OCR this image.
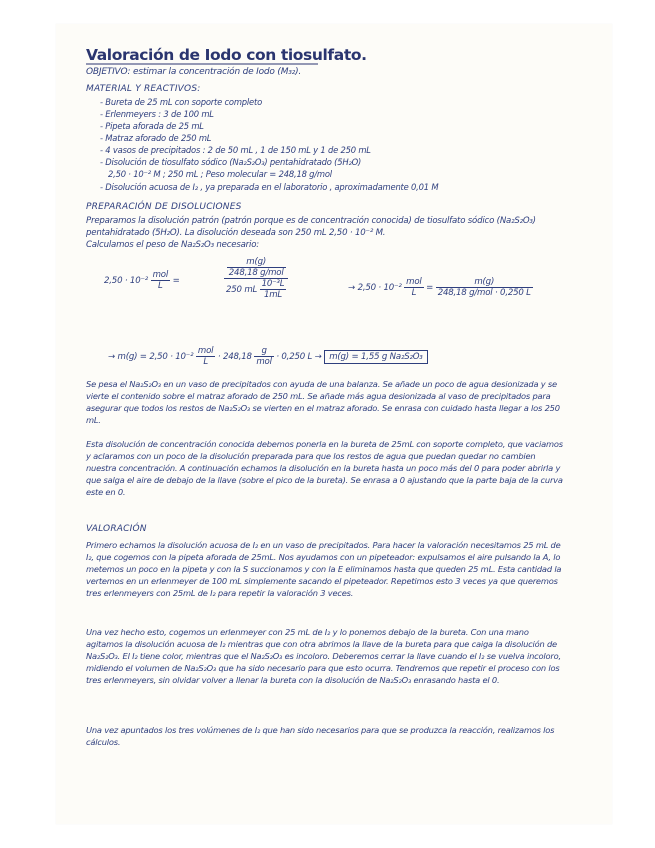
Valoración de Iodo con tiosulfato.
OBJETIVO: estimar la concentración de Iodo (M₃₂).
MATERIAL Y REACTIVOS:
- Bureta de 25 mL con soporte completo
- Erlenmeyers : 3 de 100 mL
- Pipeta aforada de 25 mL
- Matraz aforado de 250 mL
- 4 vasos de precipitados : 2 de 50 mL , 1 de 150 mL y 1 de 250 mL
- Disolución de tiosulfato sódico (Na₂S₂O₃) pentahidratado (5H₂O)
2,50 · 10⁻² M ; 250 mL ; Peso molecular = 248,18 g/mol
- Disolución acuosa de I₂ , ya preparada en el laboratorio , aproximadamente 0,01 M
PREPARACIÓN DE DISOLUCIONES
Preparamos la disolución patrón (patrón porque es de concentración conocida) de tiosulfato sódico (Na₂S₂O₃)
pentahidratado (5H₂O). La disolución deseada son 250 mL 2,50 · 10⁻² M.
Calculamos el peso de Na₂S₂O₃ necesario:
$2,50 \cdot 10^{-2} \frac{\text{mol}}{L}$ =	$\frac{\frac{m(g)}{\text{248,18 g/mol}}}{250 mL \frac{\text{10⁻³L}}{1mL}}$	→ $2,50 \cdot 10^{-2} \frac{\text{mol}}{L} = \frac{m(g)}{\text{248,18 g/mol · 0,250 L}}$
→ $m(g) = 2,50 \cdot 10^{-2} \frac{\text{mol}}{L} \cdot 248,18 \frac{g}{\text{mol}} \cdot 0,250$ L → m(g) = 1,55 g Na₂S₂O₃
Se pesa el Na₂S₂O₃ en un vaso de precipitados con ayuda de una balanza. Se añade un poco de agua desionizada y se vierte el contenido sobre el matraz aforado de 250 mL. Se añade más agua desionizada al vaso de precipitados para asegurar que todos los restos de Na₂S₂O₃ se vierten en el matraz aforado. Se enrasa con cuidado hasta llegar a los 250 mL.
Esta disolución de concentración conocida debemos ponerla en la bureta de 25mL con soporte completo, que vaciamos y aclaramos con un poco de la disolución preparada para que los restos de agua que puedan quedar no cambien nuestra concentración. A continuación echamos la disolución en la bureta hasta un poco más del 0 para poder abrirla y que salga el aire de debajo de la llave (sobre el pico de la bureta). Se enrasa a 0 ajustando que la parte baja de la curva este en 0.
VALORACIÓN
Primero echamos la disolución acuosa de I₂ en un vaso de precipitados. Para hacer la valoración necesitamos 25 mL de I₂, que cogemos con la pipeta aforada de 25mL. Nos ayudamos con un pipeteador: expulsamos el aire pulsando la A, lo metemos un poco en la pipeta y con la S succionamos y con la E eliminamos hasta que queden 25 mL. Esta cantidad la vertemos en un erlenmeyer de 100 mL simplemente sacando el pipeteador. Repetimos esto 3 veces ya que queremos tres erlenmeyers con 25mL de I₂ para repetir la valoración 3 veces.
Una vez hecho esto, cogemos un erlenmeyer con 25 mL de I₂ y lo ponemos debajo de la bureta. Con una mano agitamos la disolución acuosa de I₂ mientras que con otra abrimos la llave de la bureta para que caiga la disolución de Na₂S₂O₃. El I₂ tiene color, mientras que el Na₂S₂O₃ es incoloro. Deberemos cerrar la llave cuando el I₂ se vuelva incoloro, midiendo el volumen de Na₂S₂O₃ que ha sido necesario para que esto ocurra. Tendremos que repetir el proceso con los tres erlenmeyers, sin olvidar volver a llenar la bureta con la disolución de Na₂S₂O₃ enrasando hasta el 0.
Una vez apuntados los tres volúmenes de I₂ que han sido necesarios para que se produzca la reacción, realizamos los cálculos.
